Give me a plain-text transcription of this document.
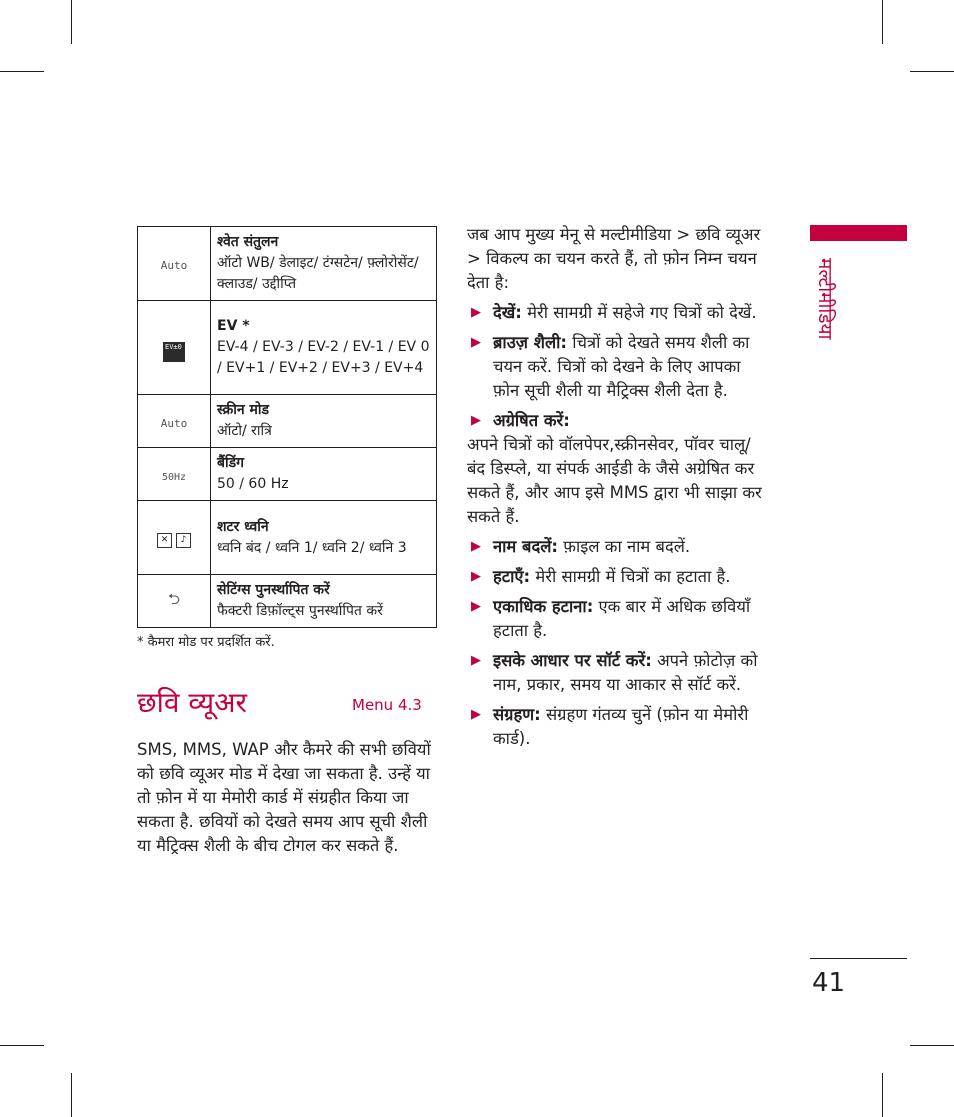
Auto	श्वेत संतुलन
ऑटो WB/ डेलाइट/ टंग्सटेन/ फ़्लोरोसेंट/ क्लाउड/ उद्दीप्ति
EV±0	EV *
EV-4 / EV-3 / EV-2 / EV-1 / EV 0 / EV+1 / EV+2 / EV+3 / EV+4
Auto	स्क्रीन मोड
ऑटो/ रात्रि
50Hz	बैंडिंग
50 / 60 Hz
✕ ♪	शटर ध्वनि
ध्वनि बंद / ध्वनि 1/ ध्वनि 2/ ध्वनि 3
⮌	सेटिंग्स पुनर्स्थापित करें
फैक्टरी डिफ़ॉल्ट्स पुनर्स्थापित करें
* कैमरा मोड पर प्रदर्शित करें.
छवि व्यूअर	Menu 4.3
SMS, MMS, WAP और कैमरे की सभी छवियों को छवि व्यूअर मोड में देखा जा सकता है. उन्हें या तो फ़ोन में या मेमोरी कार्ड में संग्रहीत किया जा सकता है. छवियों को देखते समय आप सूची शैली या मैट्रिक्स शैली के बीच टोगल कर सकते हैं.

जब आप मुख्य मेनू से मल्टीमीडिया > छवि व्यूअर > विकल्प का चयन करते हैं, तो फ़ोन निम्न चयन देता है:

▶ देखें: मेरी सामग्री में सहेजे गए चित्रों को देखें.
▶ ब्राउज़ शैली: चित्रों को देखते समय शैली का चयन करें. चित्रों को देखने के लिए आपका फ़ोन सूची शैली या मैट्रिक्स शैली देता है.
▶ अग्रेषित करें:

अपने चित्रों को वॉलपेपर,स्क्रीनसेवर, पॉवर चालू/बंद डिस्प्ले, या संपर्क आईडी के जैसे अग्रेषित कर सकते हैं, और आप इसे MMS द्वारा भी साझा कर सकते हैं.

▶ नाम बदलें: फ़ाइल का नाम बदलें.
▶ हटाएँ: मेरी सामग्री में चित्रों का हटाता है.
▶ एकाधिक हटाना: एक बार में अधिक छवियाँ हटाता है.
▶ इसके आधार पर सॉर्ट करें: अपने फ़ोटोज़ को नाम, प्रकार, समय या आकार से सॉर्ट करें.
▶ संग्रहण: संग्रहण गंतव्य चुनें (फ़ोन या मेमोरी कार्ड).
मल्टीमीडिया
41
